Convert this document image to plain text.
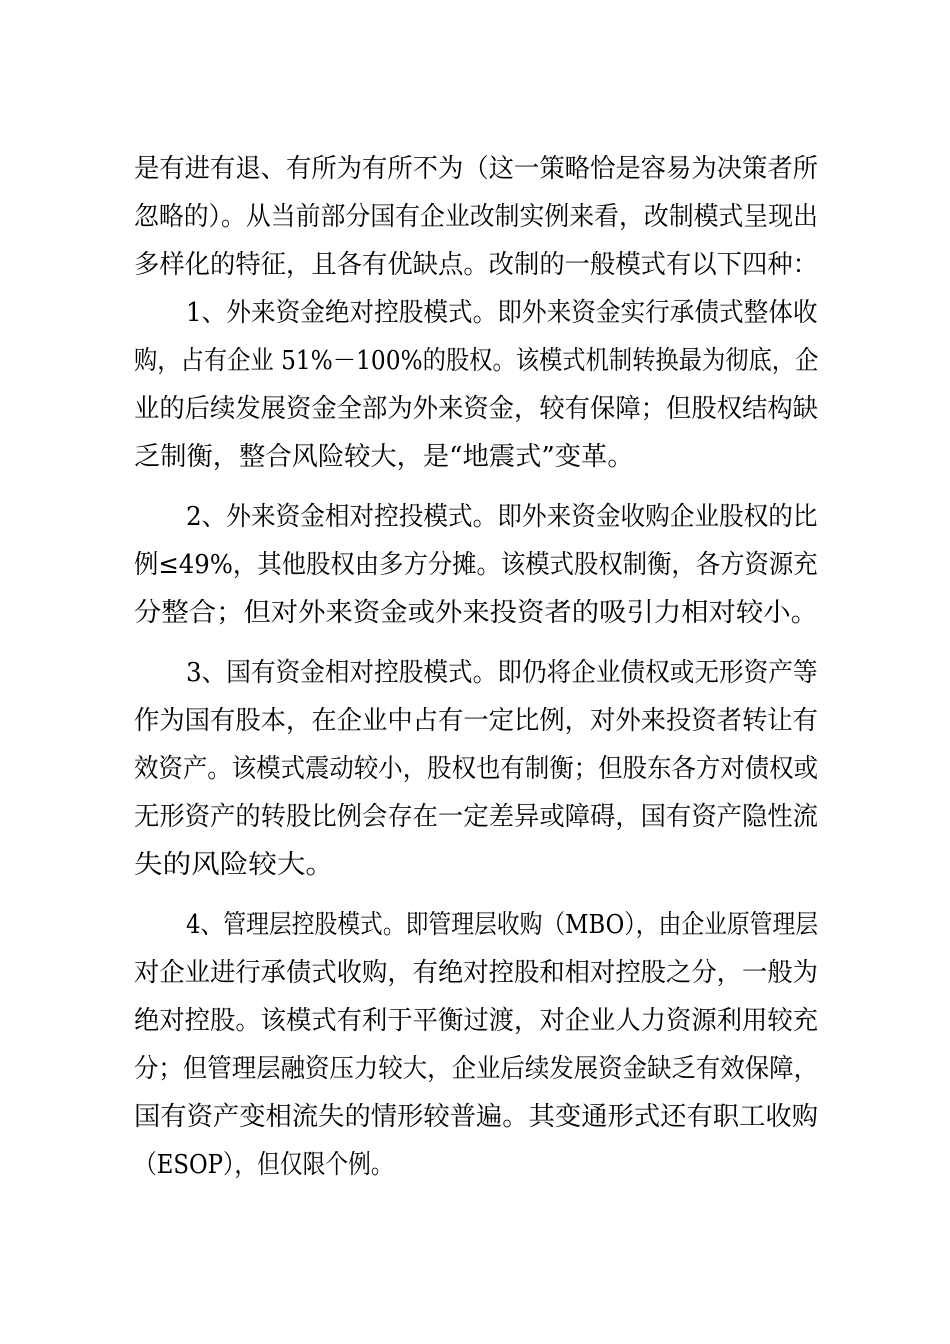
是有进有退、有所为有所不为（这一策略恰是容易为决策者所
忽略的）。从当前部分国有企业改制实例来看，改制模式呈现出
多样化的特征，且各有优缺点。改制的一般模式有以下四种：
1、外来资金绝对控股模式。即外来资金实行承债式整体收
购，占有企业 51%－100%的股权。该模式机制转换最为彻底，企
业的后续发展资金全部为外来资金，较有保障；但股权结构缺
乏制衡，整合风险较大，是“地震式”变革。
2、外来资金相对控投模式。即外来资金收购企业股权的比
例≤49%，其他股权由多方分摊。该模式股权制衡，各方资源充
分整合；但对外来资金或外来投资者的吸引力相对较小。
3、国有资金相对控股模式。即仍将企业债权或无形资产等
作为国有股本，在企业中占有一定比例，对外来投资者转让有
效资产。该模式震动较小，股权也有制衡；但股东各方对债权或
无形资产的转股比例会存在一定差异或障碍，国有资产隐性流
失的风险较大。
4、管理层控股模式。即管理层收购（MBO），由企业原管理层
对企业进行承债式收购，有绝对控股和相对控股之分，一般为
绝对控股。该模式有利于平衡过渡，对企业人力资源利用较充
分；但管理层融资压力较大，企业后续发展资金缺乏有效保障，
国有资产变相流失的情形较普遍。其变通形式还有职工收购
（ESOP），但仅限个例。
